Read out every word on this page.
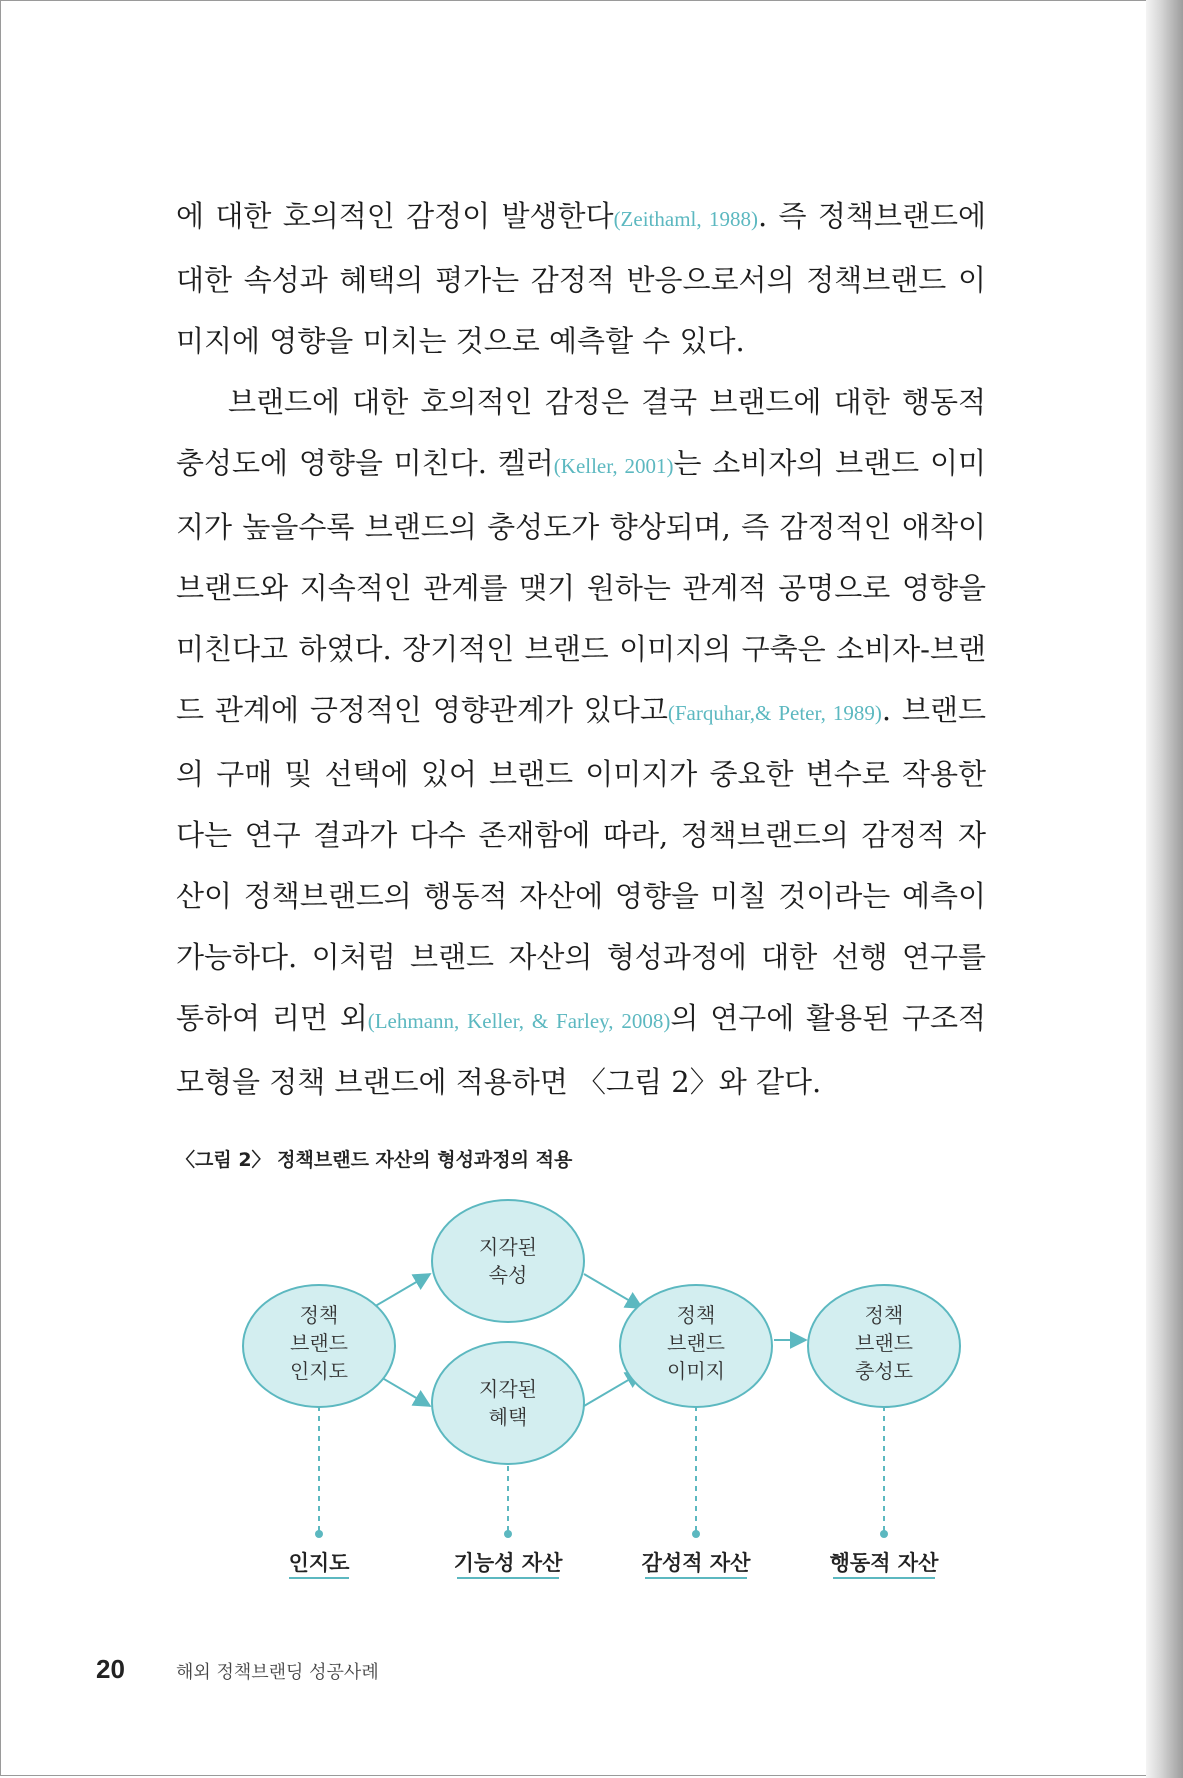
에 대한 호의적인 감정이 발생한다(Zeithaml, 1988). 즉 정책브랜드에 대한 속성과 혜택의 평가는 감정적 반응으로서의 정책브랜드 이미지에 영향을 미치는 것으로 예측할 수 있다.

브랜드에 대한 호의적인 감정은 결국 브랜드에 대한 행동적 충성도에 영향을 미친다. 켈러(Keller, 2001)는 소비자의 브랜드 이미지가 높을수록 브랜드의 충성도가 향상되며, 즉 감정적인 애착이 브랜드와 지속적인 관계를 맺기 원하는 관계적 공명으로 영향을 미친다고 하였다. 장기적인 브랜드 이미지의 구축은 소비자-브랜드 관계에 긍정적인 영향관계가 있다고(Farquhar,& Peter, 1989). 브랜드의 구매 및 선택에 있어 브랜드 이미지가 중요한 변수로 작용한다는 연구 결과가 다수 존재함에 따라, 정책브랜드의 감정적 자산이 정책브랜드의 행동적 자산에 영향을 미칠 것이라는 예측이 가능하다. 이처럼 브랜드 자산의 형성과정에 대한 선행 연구를 통하여 리먼 외(Lehmann, Keller, & Farley, 2008)의 연구에 활용된 구조적 모형을 정책 브랜드에 적용하면 〈그림 2〉와 같다.

〈그림 2〉 정책브랜드 자산의 형성과정의 적용
정책
브랜드
인지도
지각된
속성
지각된
혜택
정책
브랜드
이미지
정책
브랜드
충성도
인지도	기능성 자산	감성적 자산	행동적 자산
20	해외 정책브랜딩 성공사례
